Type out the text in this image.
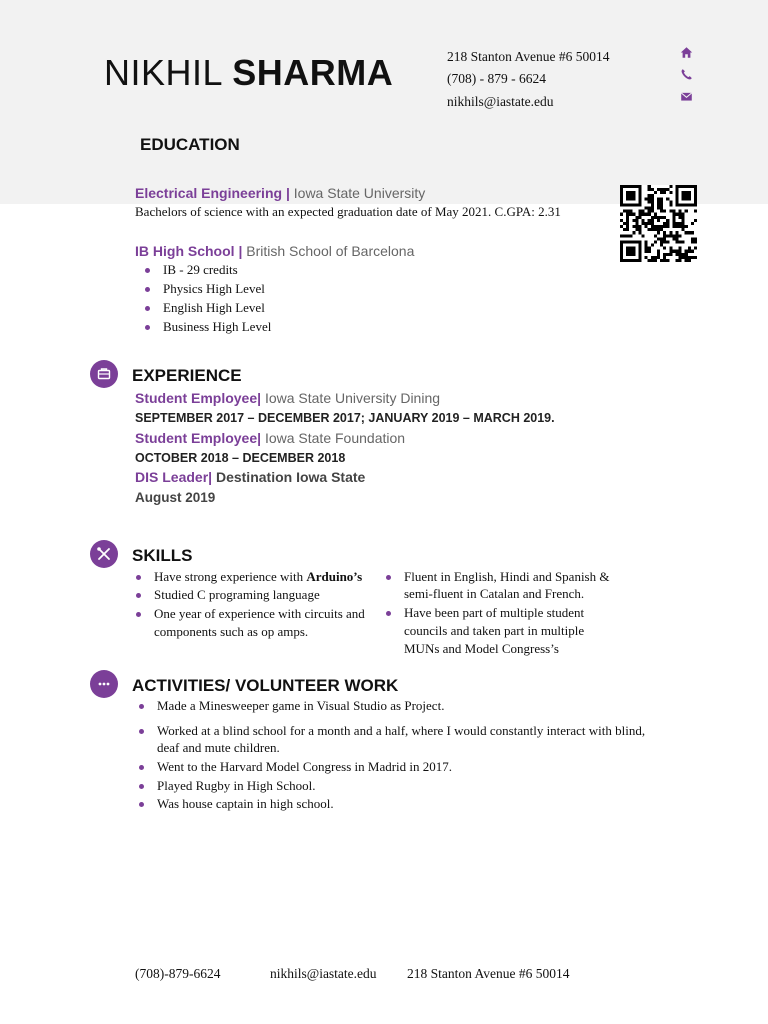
NIKHIL SHARMA	218 Stanton Avenue #6 50014
(708) - 879 - 6624
nikhils@iastate.edu
EDUCATION
Electrical Engineering | Iowa State University
Bachelors of science with an expected graduation date of May 2021. C.GPA: 2.31
IB High School | British School of Barcelona
IB - 29 credits
Physics High Level
English High Level
Business High Level
EXPERIENCE
Student Employee| Iowa State University Dining
SEPTEMBER 2017 – DECEMBER 2017; JANUARY 2019 – MARCH 2019.
Student Employee| Iowa State Foundation
OCTOBER 2018 – DECEMBER 2018
DIS Leader| Destination Iowa State
August 2019
SKILLS
Have strong experience with Arduino’s
Studied C programing language
One year of experience with circuits and
components such as op amps.
Fluent in English, Hindi and Spanish &
semi-fluent in Catalan and French.
Have been part of multiple student
councils and taken part in multiple
MUNs and Model Congress’s
ACTIVITIES/ VOLUNTEER WORK
Made a Minesweeper game in Visual Studio as Project.
Worked at a blind school for a month and a half, where I would constantly interact with blind,
deaf and mute children.
Went to the Harvard Model Congress in Madrid in 2017.
Played Rugby in High School.
Was house captain in high school.
(708)-879-6624	nikhils@iastate.edu 218 Stanton Avenue #6 50014
